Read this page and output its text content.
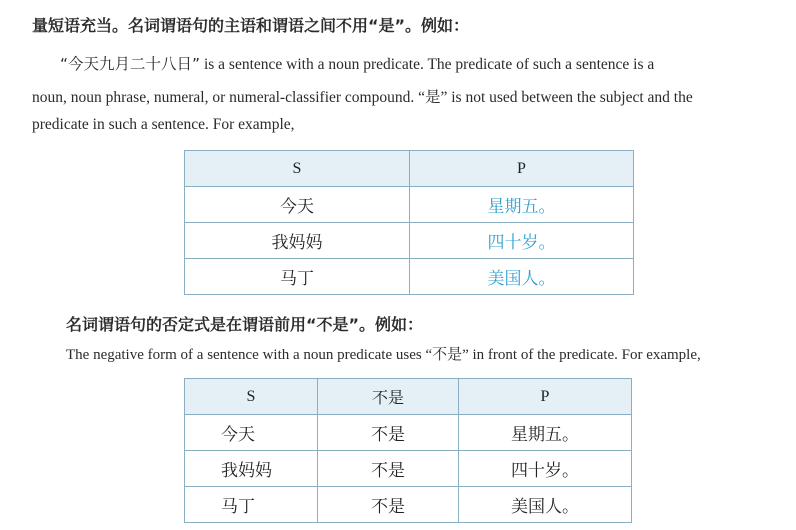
量短语充当。名词谓语句的主语和谓语之间不用“是”。例如：
“今天九月二十八日” is a sentence with a noun predicate. The predicate of such a sentence is a
noun, noun phrase, numeral, or numeral-classifier compound. “是” is not used between the subject and the
predicate in such a sentence. For example,
S	P
今天	星期五。
我妈妈	四十岁。
马丁	美国人。
名词谓语句的否定式是在谓语前用“不是”。例如：
The negative form of a sentence with a noun predicate uses “不是” in front of the predicate. For example,
S	不是	P
今天	不是	星期五。
我妈妈	不是	四十岁。
马丁	不是	美国人。
